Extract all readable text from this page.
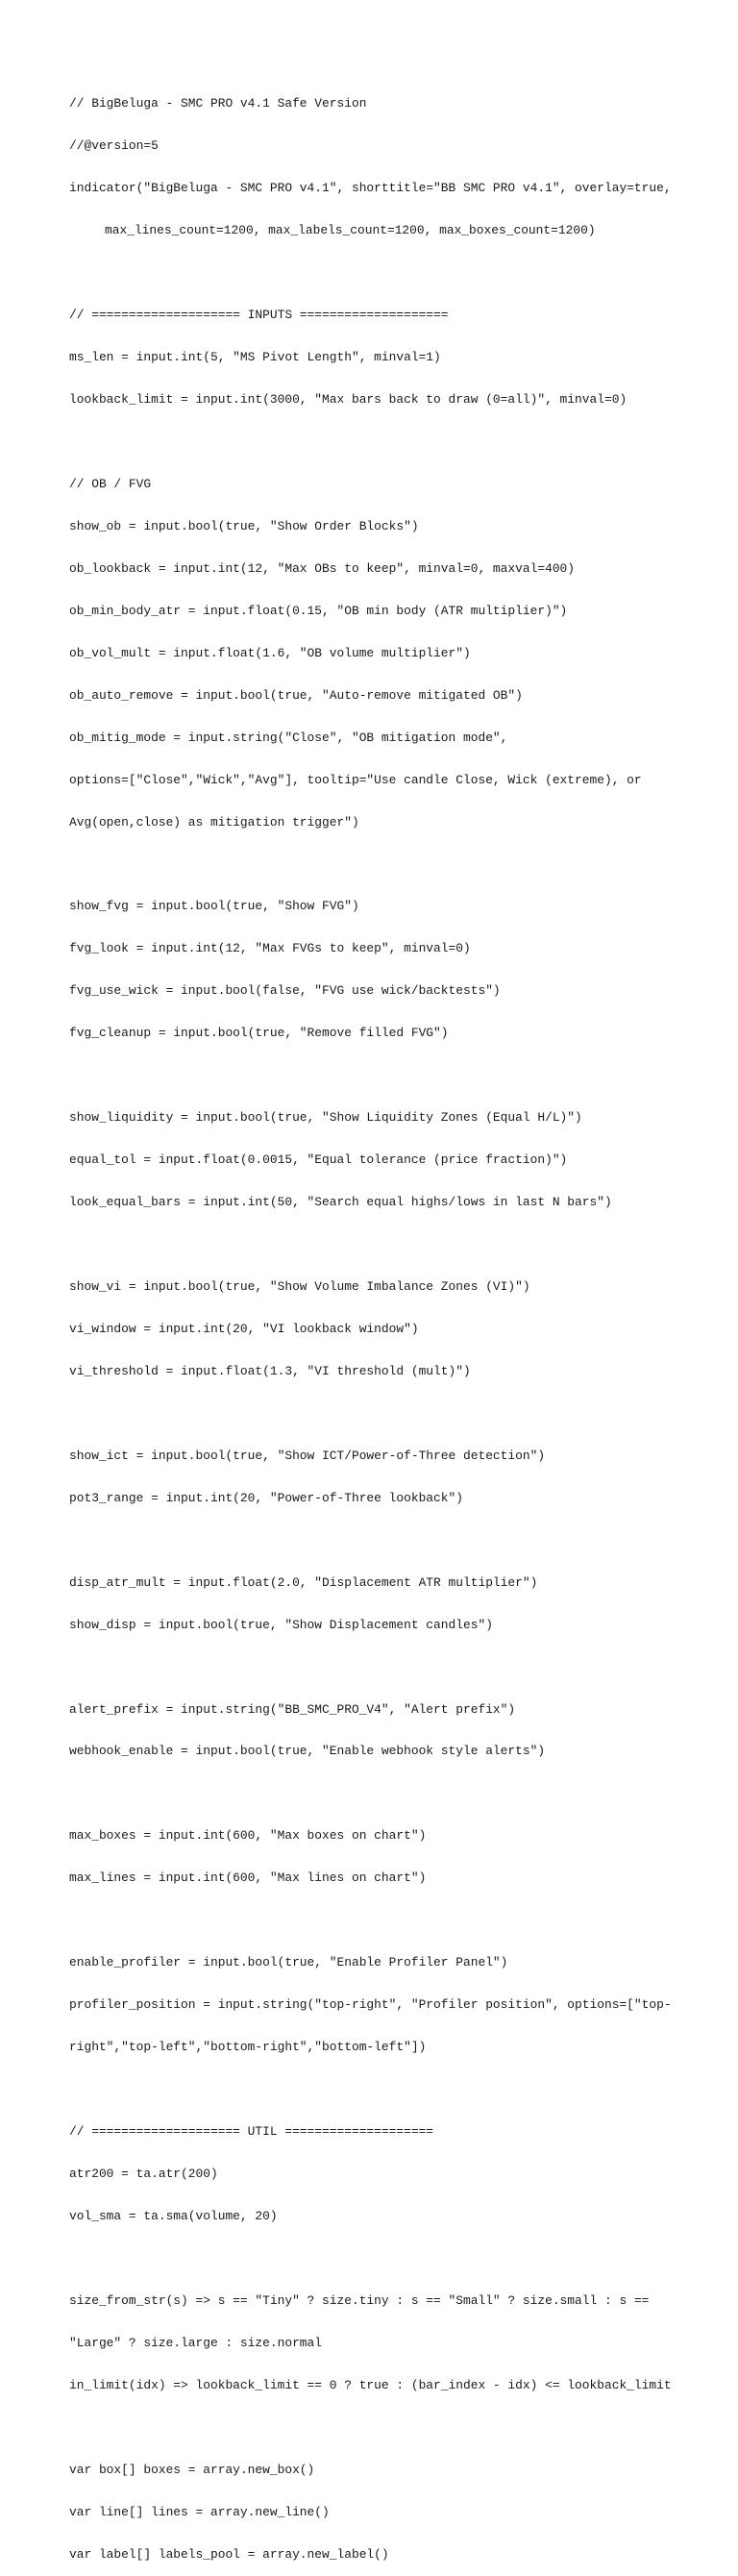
// BigBeluga - SMC PRO v4.1 Safe Version

//@version=5

indicator("BigBeluga - SMC PRO v4.1", shorttitle="BB SMC PRO v4.1", overlay=true,

max_lines_count=1200, max_labels_count=1200, max_boxes_count=1200)

// ==================== INPUTS ====================

ms_len = input.int(5, "MS Pivot Length", minval=1)

lookback_limit = input.int(3000, "Max bars back to draw (0=all)", minval=0)

// OB / FVG

show_ob = input.bool(true, "Show Order Blocks")

ob_lookback = input.int(12, "Max OBs to keep", minval=0, maxval=400)

ob_min_body_atr = input.float(0.15, "OB min body (ATR multiplier)")

ob_vol_mult = input.float(1.6, "OB volume multiplier")

ob_auto_remove = input.bool(true, "Auto-remove mitigated OB")

ob_mitig_mode = input.string("Close", "OB mitigation mode",

options=["Close","Wick","Avg"], tooltip="Use candle Close, Wick (extreme), or

Avg(open,close) as mitigation trigger")

show_fvg = input.bool(true, "Show FVG")

fvg_look = input.int(12, "Max FVGs to keep", minval=0)

fvg_use_wick = input.bool(false, "FVG use wick/backtests")

fvg_cleanup = input.bool(true, "Remove filled FVG")

show_liquidity = input.bool(true, "Show Liquidity Zones (Equal H/L)")

equal_tol = input.float(0.0015, "Equal tolerance (price fraction)")

look_equal_bars = input.int(50, "Search equal highs/lows in last N bars")

show_vi = input.bool(true, "Show Volume Imbalance Zones (VI)")

vi_window = input.int(20, "VI lookback window")

vi_threshold = input.float(1.3, "VI threshold (mult)")

show_ict = input.bool(true, "Show ICT/Power-of-Three detection")

pot3_range = input.int(20, "Power-of-Three lookback")

disp_atr_mult = input.float(2.0, "Displacement ATR multiplier")

show_disp = input.bool(true, "Show Displacement candles")

alert_prefix = input.string("BB_SMC_PRO_V4", "Alert prefix")

webhook_enable = input.bool(true, "Enable webhook style alerts")

max_boxes = input.int(600, "Max boxes on chart")

max_lines = input.int(600, "Max lines on chart")

enable_profiler = input.bool(true, "Enable Profiler Panel")

profiler_position = input.string("top-right", "Profiler position", options=["top-

right","top-left","bottom-right","bottom-left"])

// ==================== UTIL ====================

atr200 = ta.atr(200)

vol_sma = ta.sma(volume, 20)

size_from_str(s) => s == "Tiny" ? size.tiny : s == "Small" ? size.small : s ==

"Large" ? size.large : size.normal

in_limit(idx) => lookback_limit == 0 ? true : (bar_index - idx) <= lookback_limit

var box[] boxes = array.new_box()

var line[] lines = array.new_line()

var label[] labels_pool = array.new_label()
